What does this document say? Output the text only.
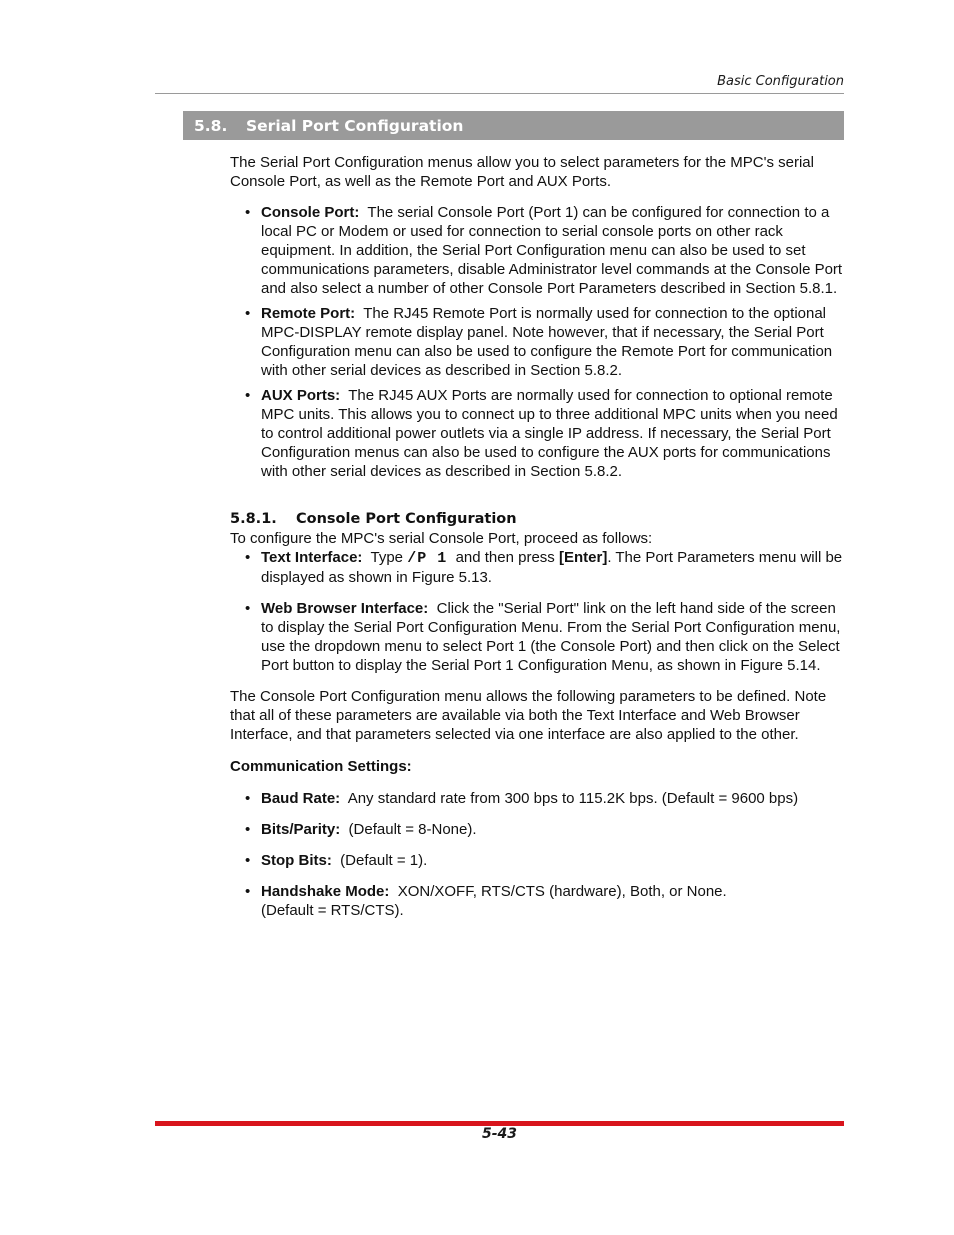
Basic Configuration
5.8.	Serial Port Configuration

The Serial Port Configuration menus allow you to select parameters for the MPC's serial Console Port, as well as the Remote Port and AUX Ports.

• Console Port: The serial Console Port (Port 1) can be configured for connection to a local PC or Modem or used for connection to serial console ports on other rack equipment. In addition, the Serial Port Configuration menu can also be used to set communications parameters, disable Administrator level commands at the Console Port and also select a number of other Console Port Parameters described in Section 5.8.1.
• Remote Port: The RJ45 Remote Port is normally used for connection to the optional MPC-DISPLAY remote display panel. Note however, that if necessary, the Serial Port Configuration menu can also be used to configure the Remote Port for communication with other serial devices as described in Section 5.8.2.
• AUX Ports: The RJ45 AUX Ports are normally used for connection to optional remote MPC units. This allows you to connect up to three additional MPC units when you need to control additional power outlets via a single IP address. If necessary, the Serial Port Configuration menus can also be used to configure the AUX ports for communications with other serial devices as described in Section 5.8.2.
5.8.1.	Console Port Configuration

To configure the MPC's serial Console Port, proceed as follows:

• Text Interface: Type /P 1 and then press [Enter]. The Port Parameters menu will be displayed as shown in Figure 5.13.
• Web Browser Interface: Click the "Serial Port" link on the left hand side of the screen to display the Serial Port Configuration Menu. From the Serial Port Configuration menu, use the dropdown menu to select Port 1 (the Console Port) and then click on the Select Port button to display the Serial Port 1 Configuration Menu, as shown in Figure 5.14.

The Console Port Configuration menu allows the following parameters to be defined. Note that all of these parameters are available via both the Text Interface and Web Browser Interface, and that parameters selected via one interface are also applied to the other.

Communication Settings:

• Baud Rate: Any standard rate from 300 bps to 115.2K bps. (Default = 9600 bps)
• Bits/Parity: (Default = 8-None).
• Stop Bits: (Default = 1).
• Handshake Mode: XON/XOFF, RTS/CTS (hardware), Both, or None.
(Default = RTS/CTS).
5-43
